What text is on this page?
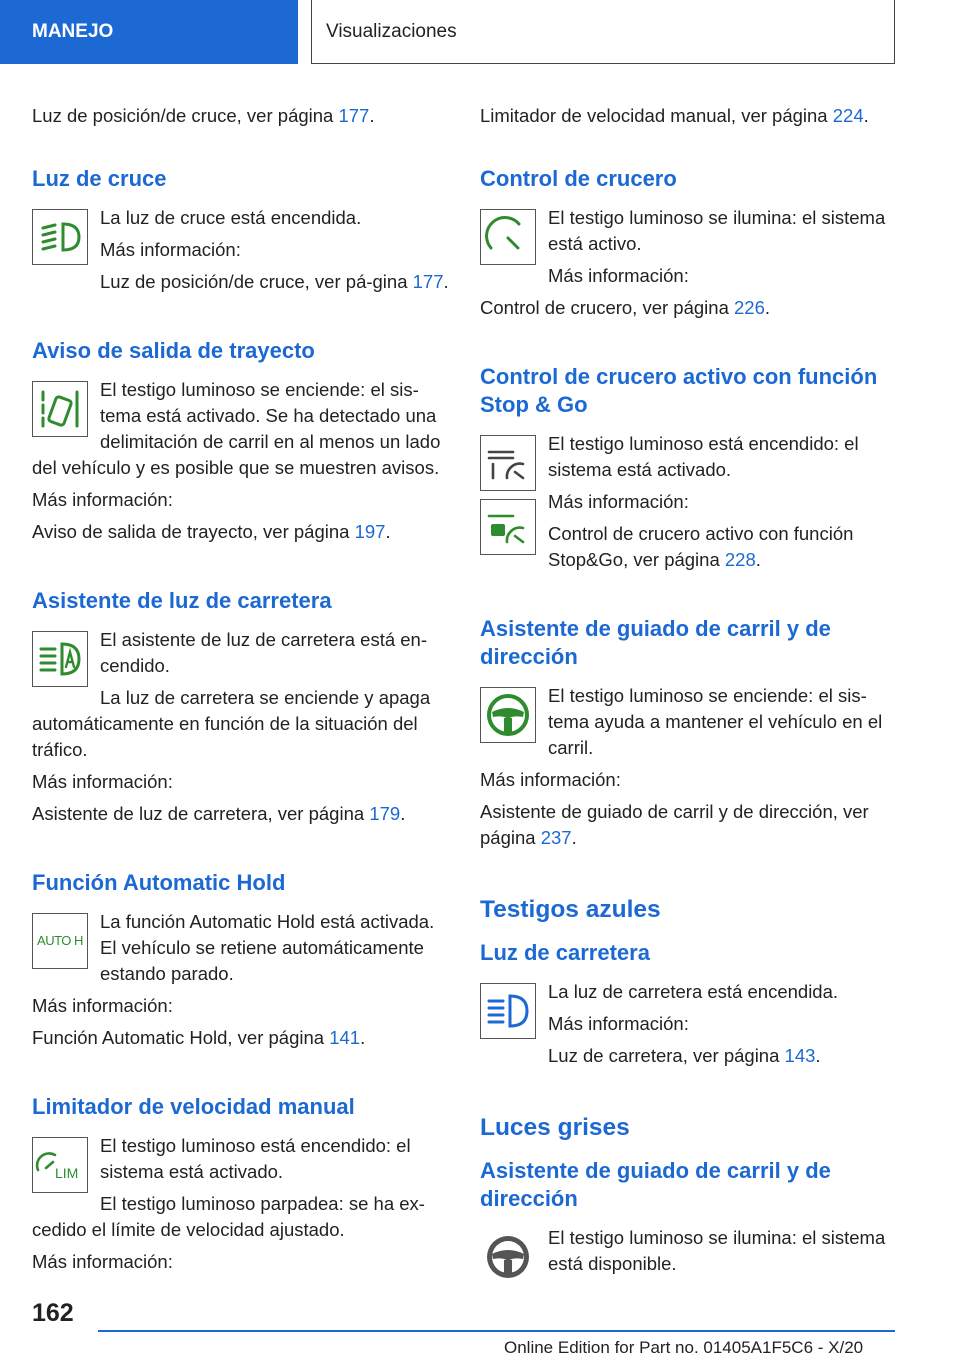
MANEJO	Visualizaciones

Luz de posición/de cruce, ver página 177.

Luz de cruce

La luz de cruce está encendida.

Más información:

Luz de posición/de cruce, ver pá-gina 177.

Aviso de salida de trayecto

El testigo luminoso se enciende: el sis-tema está activado. Se ha detectado una delimitación de carril en al menos un lado del vehículo y es posible que se muestren avisos.

Más información:

Aviso de salida de trayecto, ver página 197.

Asistente de luz de carretera

El asistente de luz de carretera está en-cendido.

La luz de carretera se enciende y apaga automáticamente en función de la situación del tráfico.

Más información:

Asistente de luz de carretera, ver página 179.

Función Automatic Hold
AUTO H

La función Automatic Hold está activada. El vehículo se retiene automáticamente estando parado.

Más información:

Función Automatic Hold, ver página 141.

Limitador de velocidad manual
LIM

El testigo luminoso está encendido: el sistema está activado.

El testigo luminoso parpadea: se ha ex-cedido el límite de velocidad ajustado.

Más información:

Limitador de velocidad manual, ver página 224.

Control de crucero

El testigo luminoso se ilumina: el sistema está activo.

Más información:

Control de crucero, ver página 226.

Control de crucero activo con función Stop & Go

El testigo luminoso está encendido: el sistema está activado.

Más información:

Control de crucero activo con función Stop&Go, ver página 228.

Asistente de guiado de carril y de dirección

El testigo luminoso se enciende: el sis-tema ayuda a mantener el vehículo en el carril.

Más información:

Asistente de guiado de carril y de dirección, ver página 237.

Testigos azules
Luz de carretera

La luz de carretera está encendida.

Más información:

Luz de carretera, ver página 143.

Luces grises
Asistente de guiado de carril y de dirección

El testigo luminoso se ilumina: el sistema está disponible.

162
Online Edition for Part no. 01405A1F5C6 - X/20
